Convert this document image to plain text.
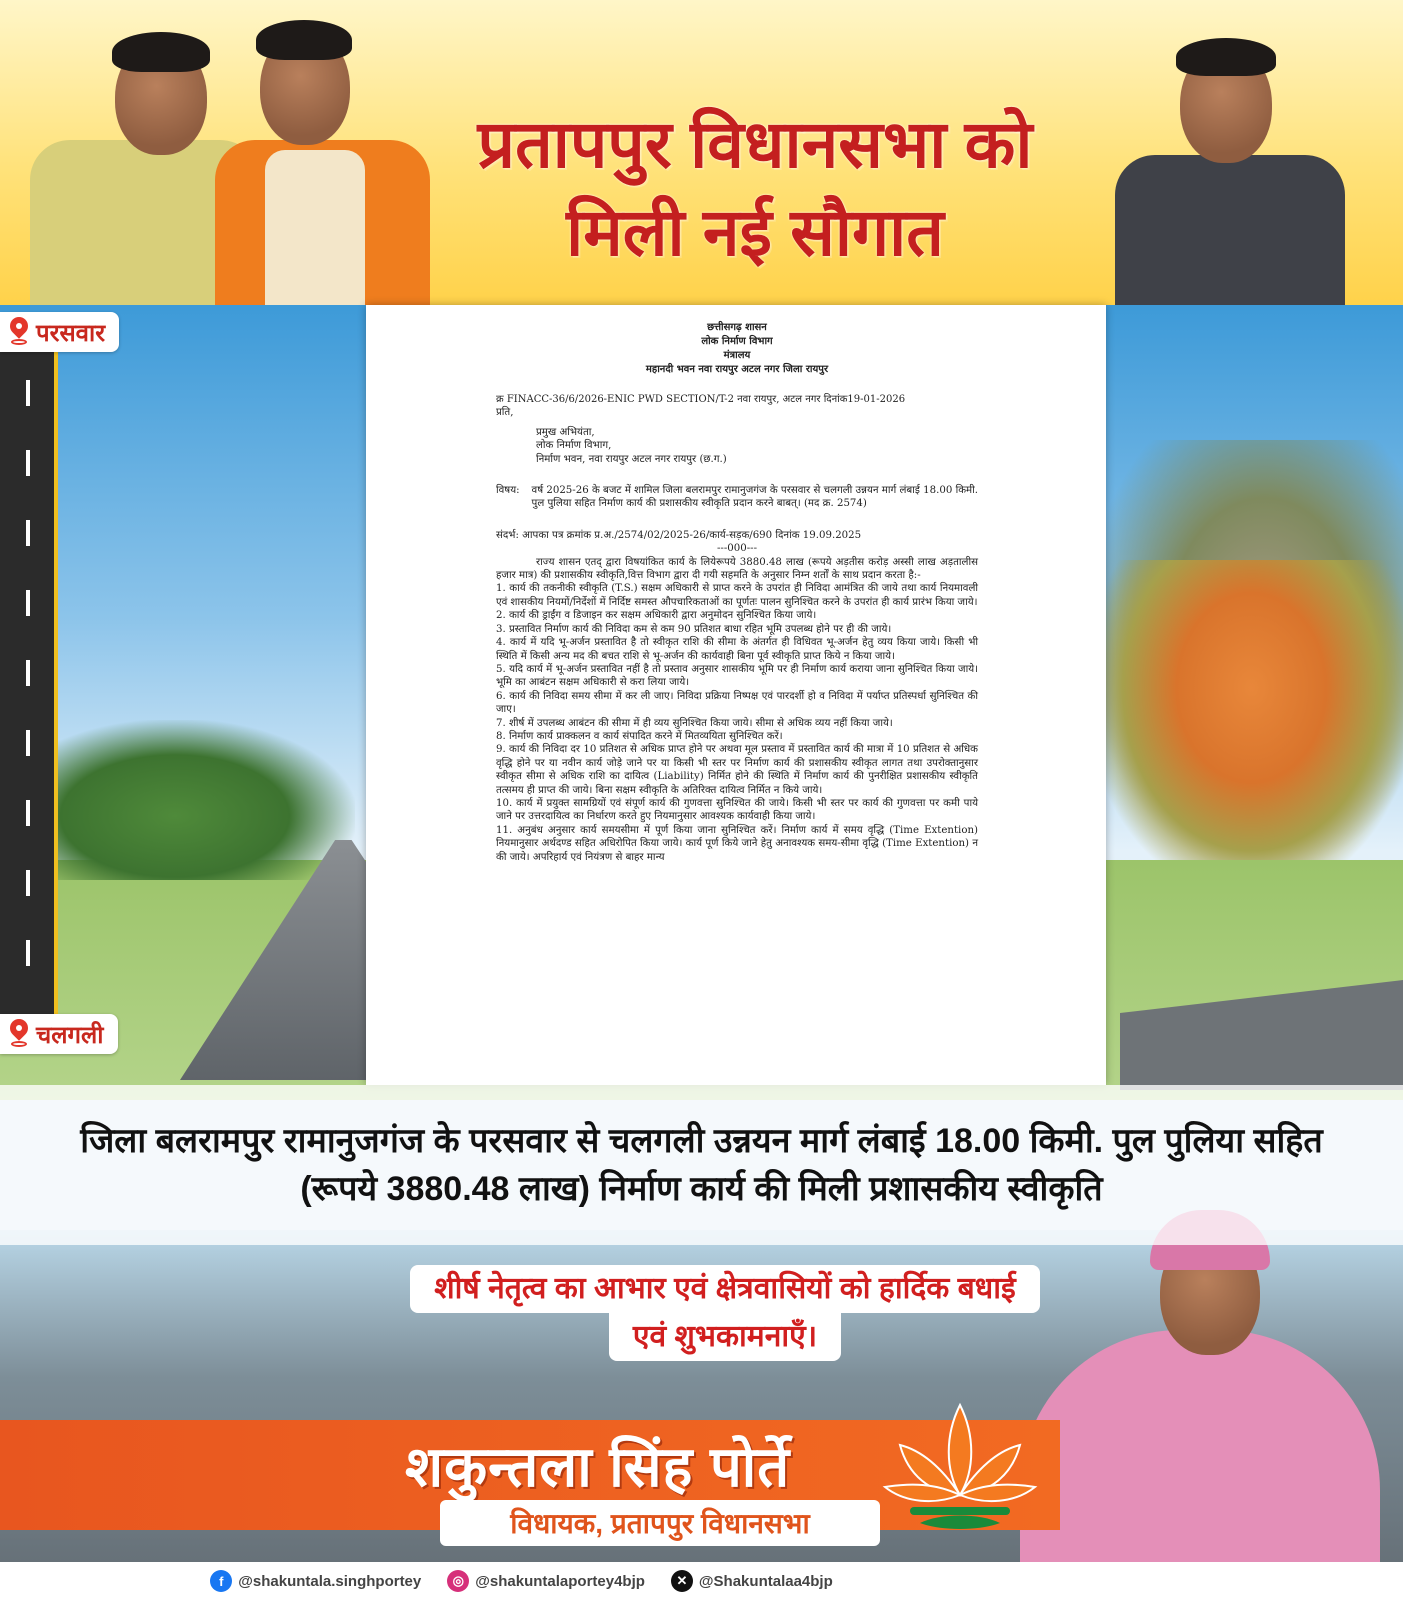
परसवार
चलगली
प्रतापपुर विधानसभा को
मिली नई सौगात
छत्तीसगढ़ शासन
लोक निर्माण विभाग
मंत्रालय
महानदी भवन नवा रायपुर अटल नगर जिला रायपुर
क्र FINACC-36/6/2026-ENIC PWD SECTION/T-2 नवा रायपुर, अटल नगर दिनांक19-01-2026
प्रति,
प्रमुख अभियंता,
लोक निर्माण विभाग,
निर्माण भवन, नवा रायपुर अटल नगर रायपुर (छ.ग.)
विषय: वर्ष 2025-26 के बजट में शामिल जिला बलरामपुर रामानुजगंज के परसवार से चलगली उन्नयन मार्ग लंबाई 18.00 किमी. पुल पुलिया सहित निर्माण कार्य की प्रशासकीय स्वीकृति प्रदान करने बाबत्। (मद क्र. 2574)
संदर्भ: आपका पत्र क्रमांक प्र.अ./2574/02/2025-26/कार्य-सड़क/690 दिनांक 19.09.2025
---000---

राज्य शासन एतद् द्वारा विषयांकित कार्य के लियेरूपये 3880.48 लाख (रूपये अड़तीस करोड़ अस्सी लाख अड़तालीस हजार मात्र) की प्रशासकीय स्वीकृति,वित्त विभाग द्वारा दी गयी सहमति के अनुसार निम्न शर्तों के साथ प्रदान करता है:-

1. कार्य की तकनीकी स्वीकृति (T.S.) सक्षम अधिकारी से प्राप्त करने के उपरांत ही निविदा आमंत्रित की जाये तथा कार्य नियमावली एवं शासकीय नियमों/निर्देशों में निर्दिष्ट समस्त औपचारिकताओं का पूर्णतः पालन सुनिश्चित करने के उपरांत ही कार्य प्रारंभ किया जाये।

2. कार्य की ड्राईंग व डिजाइन कर सक्षम अधिकारी द्वारा अनुमोदन सुनिश्चित किया जाये।

3. प्रस्तावित निर्माण कार्य की निविदा कम से कम 90 प्रतिशत बाधा रहित भूमि उपलब्ध होने पर ही की जाये।

4. कार्य में यदि भू-अर्जन प्रस्तावित है तो स्वीकृत राशि की सीमा के अंतर्गत ही विधिवत भू-अर्जन हेतु व्यय किया जाये। किसी भी स्थिति में किसी अन्य मद की बचत राशि से भू-अर्जन की कार्यवाही बिना पूर्व स्वीकृति प्राप्त किये न किया जाये।

5. यदि कार्य में भू-अर्जन प्रस्तावित नहीं है तो प्रस्ताव अनुसार शासकीय भूमि पर ही निर्माण कार्य कराया जाना सुनिश्चित किया जाये। भूमि का आबंटन सक्षम अधिकारी से करा लिया जाये।

6. कार्य की निविदा समय सीमा में कर ली जाए। निविदा प्रक्रिया निष्पक्ष एवं पारदर्शी हो व निविदा में पर्याप्त प्रतिस्पर्धा सुनिश्चित की जाए।

7. शीर्ष में उपलब्ध आबंटन की सीमा में ही व्यय सुनिश्चित किया जाये। सीमा से अधिक व्यय नहीं किया जाये।

8. निर्माण कार्य प्राक्कलन व कार्य संपादित करने में मितव्ययिता सुनिश्चित करें।

9. कार्य की निविदा दर 10 प्रतिशत से अधिक प्राप्त होने पर अथवा मूल प्रस्ताव में प्रस्तावित कार्य की मात्रा में 10 प्रतिशत से अधिक वृद्धि होने पर या नवीन कार्य जोड़े जाने पर या किसी भी स्तर पर निर्माण कार्य की प्रशासकीय स्वीकृत लागत तथा उपरोक्तानुसार स्वीकृत सीमा से अधिक राशि का दायित्व (Liability) निर्मित होने की स्थिति में निर्माण कार्य की पुनरीक्षित प्रशासकीय स्वीकृति तत्समय ही प्राप्त की जाये। बिना सक्षम स्वीकृति के अतिरिक्त दायित्व निर्मित न किये जाये।

10. कार्य में प्रयुक्त सामग्रियों एवं संपूर्ण कार्य की गुणवत्ता सुनिश्चित की जाये। किसी भी स्तर पर कार्य की गुणवत्ता पर कमी पाये जाने पर उत्तरदायित्व का निर्धारण करते हुए नियमानुसार आवश्यक कार्यवाही किया जाये।

11. अनुबंध अनुसार कार्य समयसीमा में पूर्ण किया जाना सुनिश्चित करें। निर्माण कार्य में समय वृद्धि (Time Extention) नियमानुसार अर्थदण्ड सहित अधिरोपित किया जाये। कार्य पूर्ण किये जाने हेतु अनावश्यक समय-सीमा वृद्धि (Time Extention) न की जाये। अपरिहार्य एवं नियंत्रण से बाहर मान्य

जिला बलरामपुर रामानुजगंज के परसवार से चलगली उन्नयन मार्ग लंबाई 18.00 किमी. पुल पुलिया सहित (रूपये 3880.48 लाख) निर्माण कार्य की मिली प्रशासकीय स्वीकृति
शीर्ष नेतृत्व का आभार एवं क्षेत्रवासियों को हार्दिक बधाई
एवं शुभकामनाएँ।
शकुन्तला सिंह पोर्ते
विधायक, प्रतापपुर विधानसभा
f @shakuntala.singhportey	◎ @shakuntalaportey4bjp	✕ @Shakuntalaa4bjp
